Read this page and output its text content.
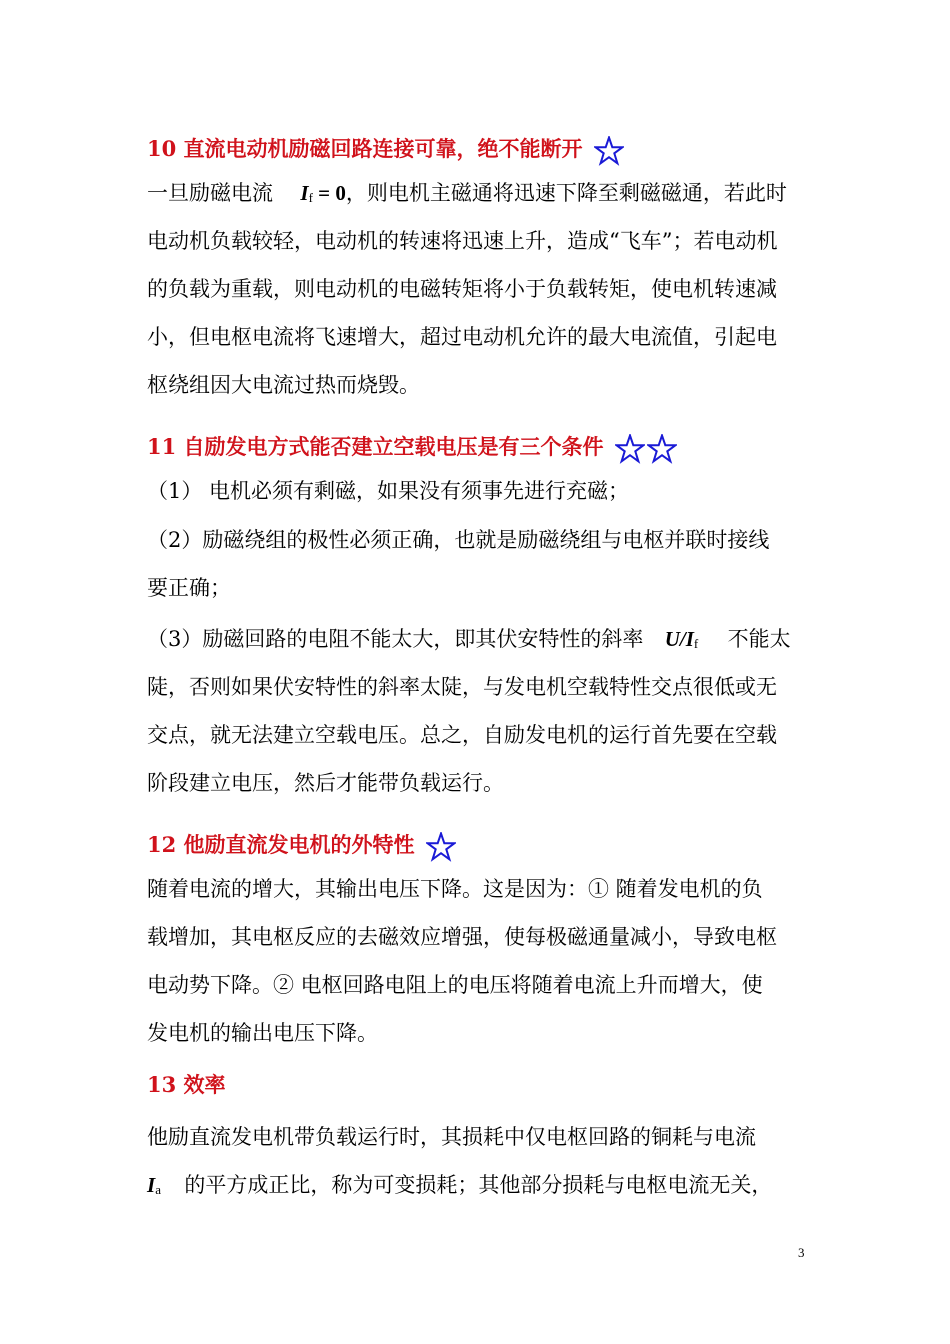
10 直流电动机励磁回路连接可靠，绝不能断开
一旦励磁电流 If = 0，则电机主磁通将迅速下降至剩磁磁通，若此时
电动机负载较轻，电动机的转速将迅速上升，造成“飞车”；若电动机
的负载为重载，则电动机的电磁转矩将小于负载转矩，使电机转速减
小，但电枢电流将飞速增大，超过电动机允许的最大电流值，引起电
枢绕组因大电流过热而烧毁。
11 自励发电方式能否建立空载电压是有三个条件
（1） 电机必须有剩磁，如果没有须事先进行充磁；
（2）励磁绕组的极性必须正确，也就是励磁绕组与电枢并联时接线
要正确；
（3）励磁回路的电阻不能太大，即其伏安特性的斜率 U/If 不能太
陡，否则如果伏安特性的斜率太陡，与发电机空载特性交点很低或无
交点，就无法建立空载电压。总之，自励发电机的运行首先要在空载
阶段建立电压，然后才能带负载运行。
12 他励直流发电机的外特性
随着电流的增大，其输出电压下降。这是因为：① 随着发电机的负
载增加，其电枢反应的去磁效应增强，使每极磁通量减小，导致电枢
电动势下降。② 电枢回路电阻上的电压将随着电流上升而增大，使
发电机的输出电压下降。
13 效率
他励直流发电机带负载运行时，其损耗中仅电枢回路的铜耗与电流
Ia 的平方成正比，称为可变损耗；其他部分损耗与电枢电流无关，
3
